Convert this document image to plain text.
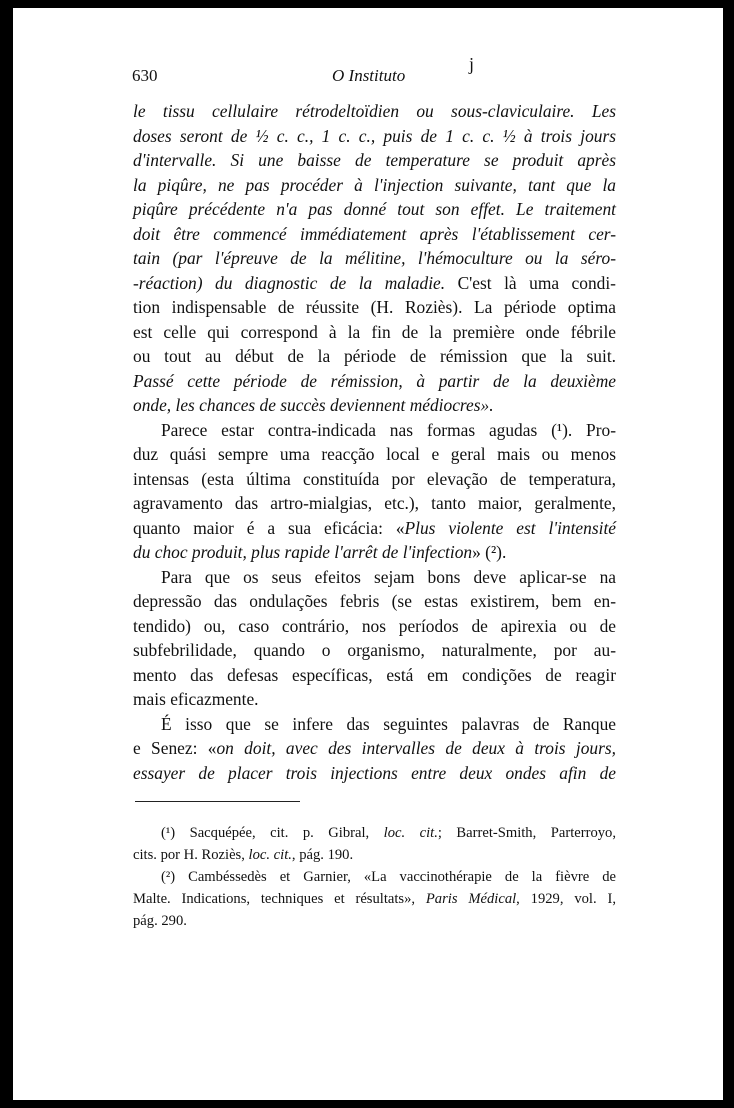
630	O Instituto
ј
le tissu cellulaire rétrodeltoïdien ou sous-claviculaire. Les
doses seront de ½ c. c., 1 c. c., puis de 1 c. c. ½ à trois jours
d'intervalle. Si une baisse de temperature se produit après
la piqûre, ne pas procéder à l'injection suivante, tant que la
piqûre précédente n'a pas donné tout son effet. Le traitement
doit être commencé immédiatement après l'établissement cer-
tain (par l'épreuve de la mélitine, l'hémoculture ou la séro-
-réaction) du diagnostic de la maladie. C'est là uma condi-
tion indispensable de réussite (H. Roziès). La période optima
est celle qui correspond à la fin de la première onde fébrile
ou tout au début de la période de rémission que la suit.
Passé cette période de rémission, à partir de la deuxième
onde, les chances de succès deviennent médiocres».
Parece estar contra-indicada nas formas agudas (¹). Pro-
duz quási sempre uma reacção local e geral mais ou menos
intensas (esta última constituída por elevação de temperatura,
agravamento das artro-mialgias, etc.), tanto maior, geralmente,
quanto maior é a sua eficácia: «Plus violente est l'intensité
du choc produit, plus rapide l'arrêt de l'infection» (²).
Para que os seus efeitos sejam bons deve aplicar-se na
depressão das ondulações febris (se estas existirem, bem en-
tendido) ou, caso contrário, nos períodos de apirexia ou de
subfebrilidade, quando o organismo, naturalmente, por au-
mento das defesas específicas, está em condições de reagir
mais eficazmente.
É isso que se infere das seguintes palavras de Ranque
e Senez: «on doit, avec des intervalles de deux à trois jours,
essayer de placer trois injections entre deux ondes afin de
(¹) Sacquépée, cit. p. Gibral, loc. cit.; Barret-Smith, Parterroyo,
cits. por H. Roziès, loc. cit., pág. 190.
(²) Cambéssedès et Garnier, «La vaccinothérapie de la fièvre de
Malte. Indications, techniques et résultats», Paris Médical, 1929, vol. I,
pág. 290.
